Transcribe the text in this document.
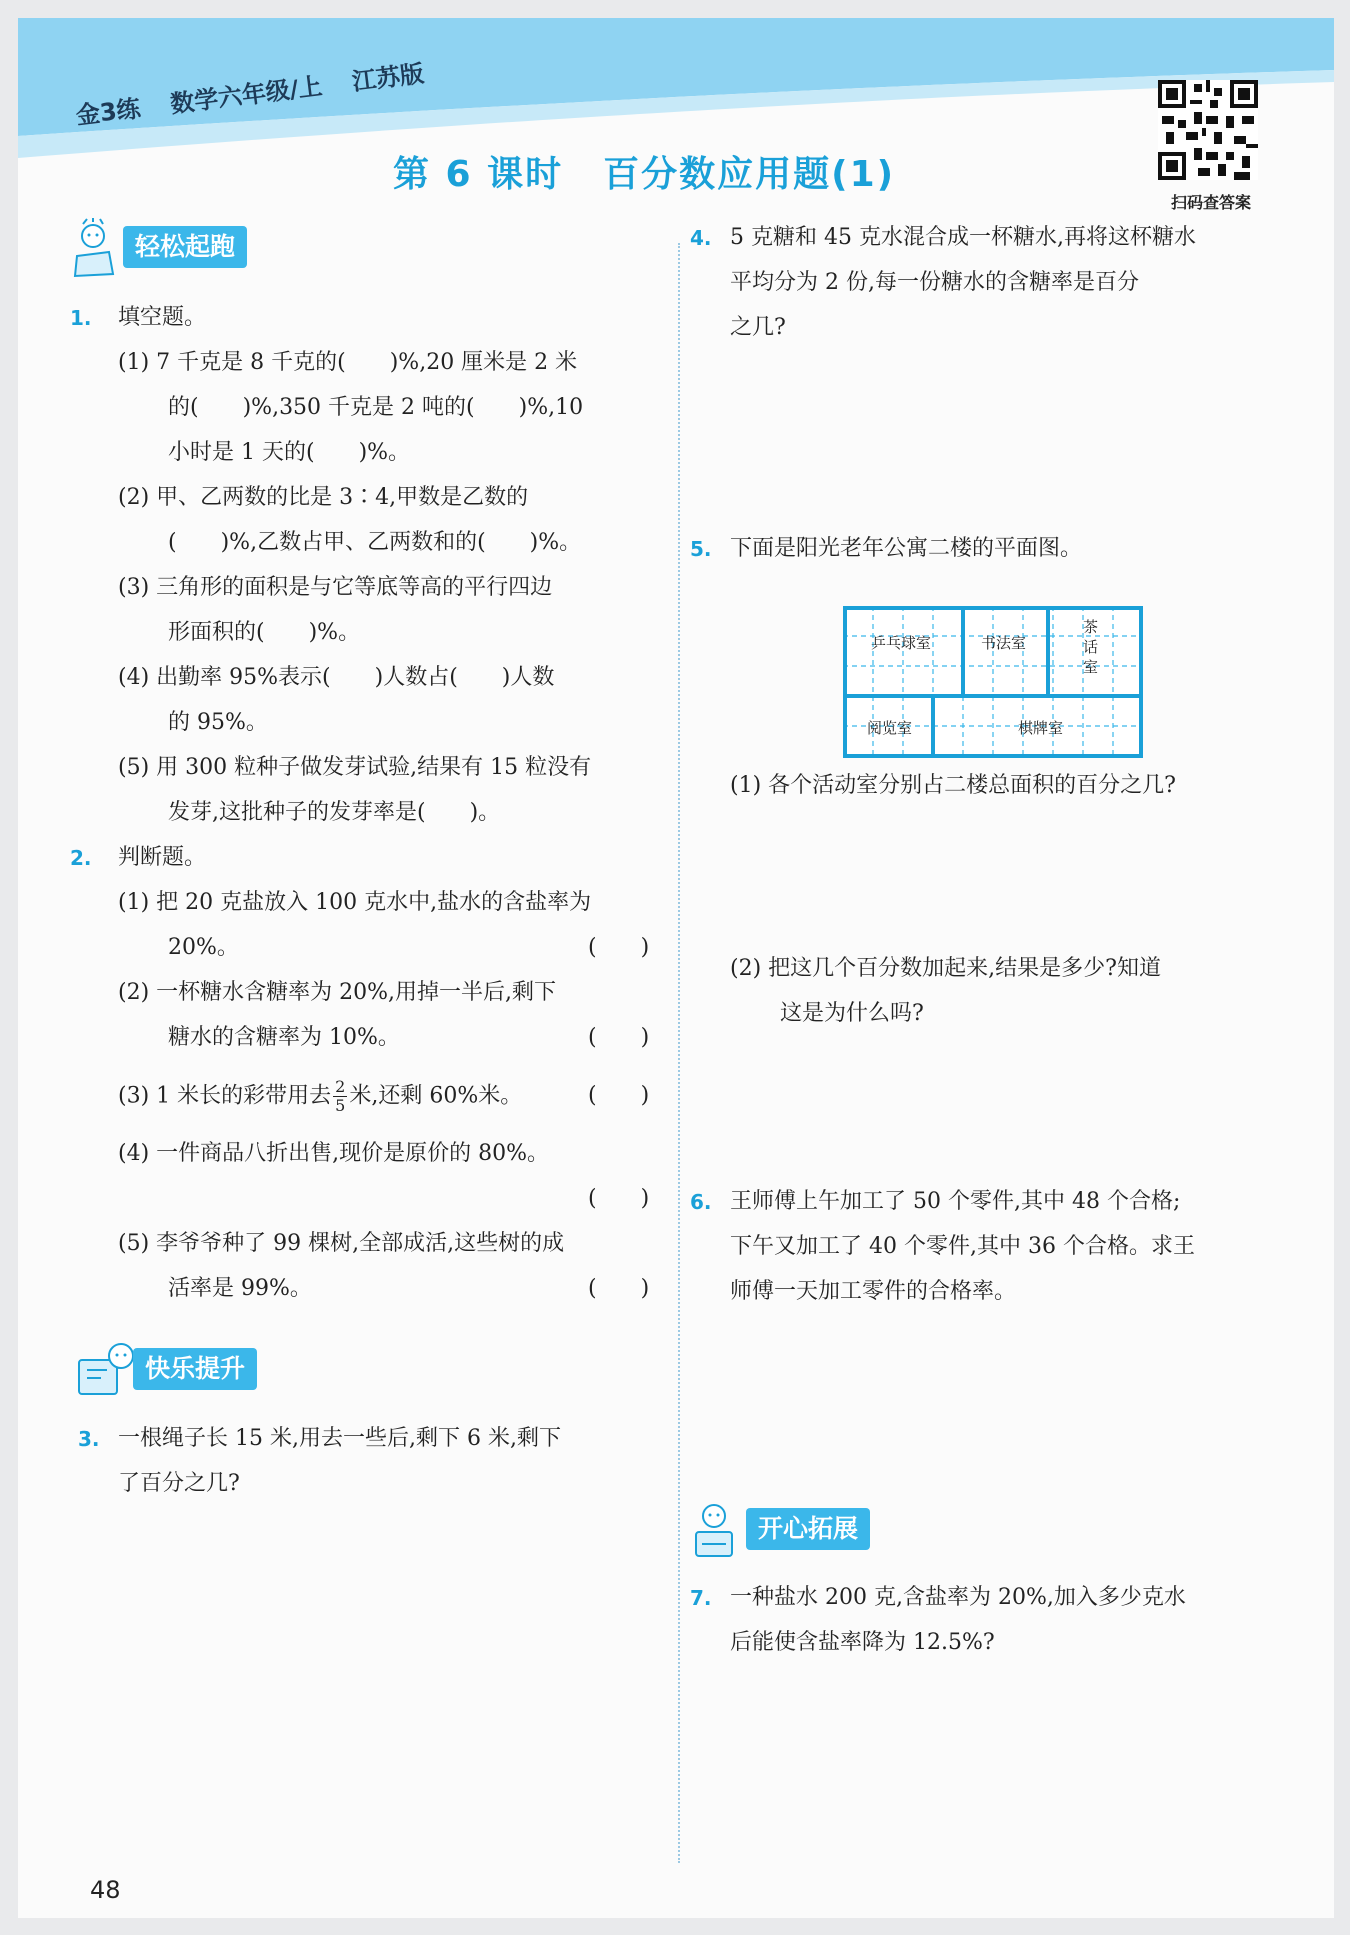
金3练 数学六年级/上 江苏版
第 6 课时 百分数应用题(1)
扫码查答案
轻松起跑
1. 填空题。
(1) 7 千克是 8 千克的(　　)%,20 厘米是 2 米
的(　　)%,350 千克是 2 吨的(　　)%,10
小时是 1 天的(　　)%。
(2) 甲、乙两数的比是 3∶4,甲数是乙数的
(　　)%,乙数占甲、乙两数和的(　　)%。
(3) 三角形的面积是与它等底等高的平行四边
形面积的(　　)%。
(4) 出勤率 95%表示(　　)人数占(　　)人数
的 95%。
(5) 用 300 粒种子做发芽试验,结果有 15 粒没有
发芽,这批种子的发芽率是(　　)。
2. 判断题。
(1) 把 20 克盐放入 100 克水中,盐水的含盐率为
20%。	(　　)
(2) 一杯糖水含糖率为 20%,用掉一半后,剩下
糖水的含糖率为 10%。	(　　)
(3) 1 米长的彩带用去 $\frac{2}{5}$ 米,还剩 60%米。	(　　)
(4) 一件商品八折出售,现价是原价的 80%。
(　　)
(5) 李爷爷种了 99 棵树,全部成活,这些树的成
活率是 99%。	(　　)
快乐提升
3. 一根绳子长 15 米,用去一些后,剩下 6 米,剩下
了百分之几?
4. 5 克糖和 45 克水混合成一杯糖水,再将这杯糖水
平均分为 2 份,每一份糖水的含糖率是百分
之几?
5. 下面是阳光老年公寓二楼的平面图。
乒乓球室	书法室
茶
话
室
阅览室	棋牌室
(1) 各个活动室分别占二楼总面积的百分之几?
(2) 把这几个百分数加起来,结果是多少?知道
这是为什么吗?
6. 王师傅上午加工了 50 个零件,其中 48 个合格;
下午又加工了 40 个零件,其中 36 个合格。求王
师傅一天加工零件的合格率。
开心拓展
7. 一种盐水 200 克,含盐率为 20%,加入多少克水
后能使含盐率降为 12.5%?
48
